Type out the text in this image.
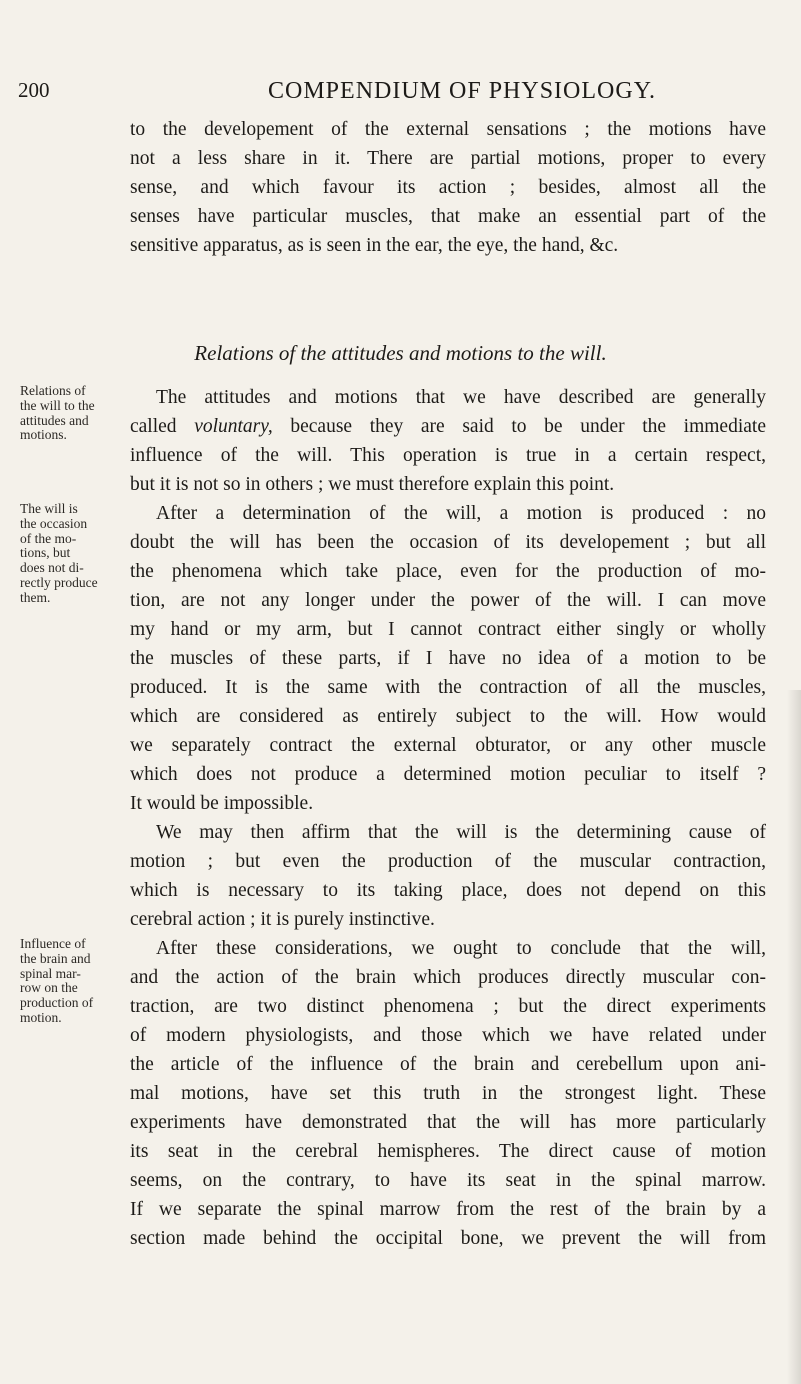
200	COMPENDIUM OF PHYSIOLOGY.
to the developement of the external sensations ; the motions have
not a less share in it. There are partial motions, proper to every
sense, and which favour its action ; besides, almost all the
senses have particular muscles, that make an essential part of the
sensitive apparatus, as is seen in the ear, the eye, the hand, &c.
Relations of the attitudes and motions to the will.
The attitudes and motions that we have described are generally
called voluntary, because they are said to be under the immediate
influence of the will. This operation is true in a certain respect,
but it is not so in others ; we must therefore explain this point.
After a determination of the will, a motion is produced : no
doubt the will has been the occasion of its developement ; but all
the phenomena which take place, even for the production of mo-
tion, are not any longer under the power of the will. I can move
my hand or my arm, but I cannot contract either singly or wholly
the muscles of these parts, if I have no idea of a motion to be
produced. It is the same with the contraction of all the muscles,
which are considered as entirely subject to the will. How would
we separately contract the external obturator, or any other muscle
which does not produce a determined motion peculiar to itself ?
It would be impossible.
We may then affirm that the will is the determining cause of
motion ; but even the production of the muscular contraction,
which is necessary to its taking place, does not depend on this
cerebral action ; it is purely instinctive.
After these considerations, we ought to conclude that the will,
and the action of the brain which produces directly muscular con-
traction, are two distinct phenomena ; but the direct experiments
of modern physiologists, and those which we have related under
the article of the influence of the brain and cerebellum upon ani-
mal motions, have set this truth in the strongest light. These
experiments have demonstrated that the will has more particularly
its seat in the cerebral hemispheres. The direct cause of motion
seems, on the contrary, to have its seat in the spinal marrow.
If we separate the spinal marrow from the rest of the brain by a
section made behind the occipital bone, we prevent the will from
Relations of
the will to the
attitudes and
motions.
The will is
the occasion
of the mo-
tions, but
does not di-
rectly produce
them.
Influence of
the brain and
spinal mar-
row on the
production of
motion.
